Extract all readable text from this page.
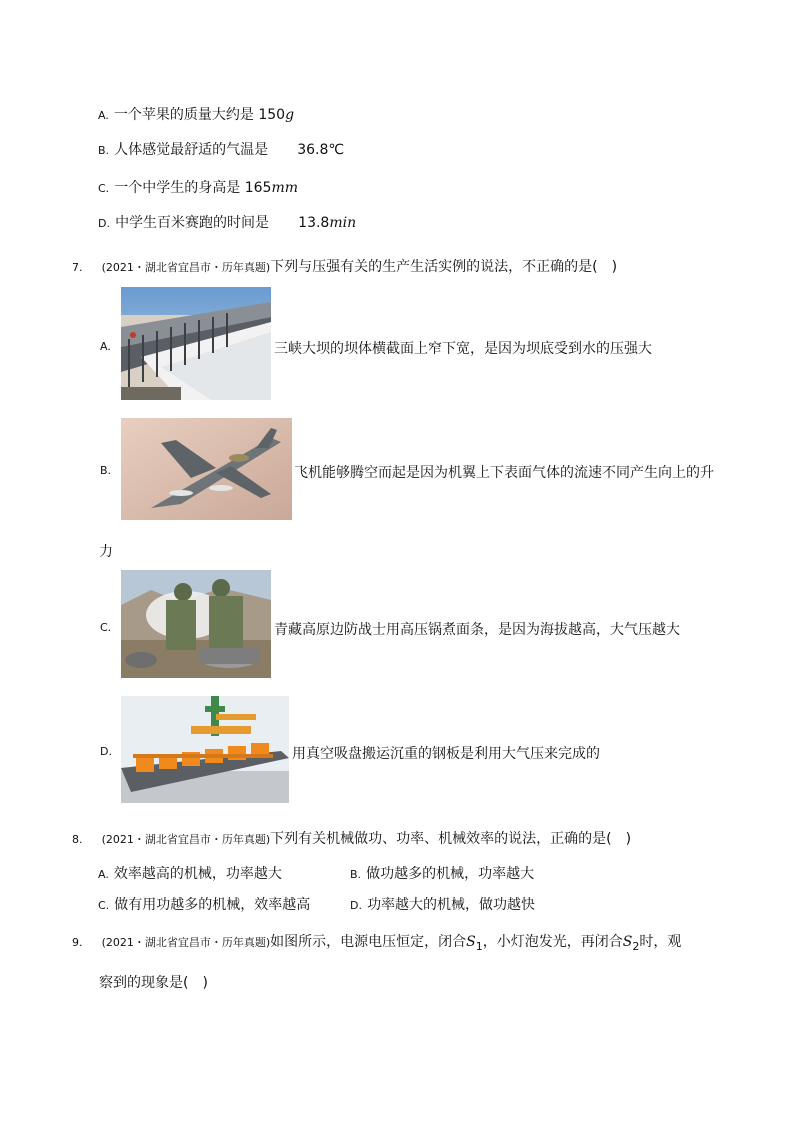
A. 一个苹果的质量大约是 150g
B. 人体感觉最舒适的气温是 36.8℃
C. 一个中学生的身高是 165mm
D. 中学生百米赛跑的时间是 13.8min
7. (2021・湖北省宜昌市・历年真题)下列与压强有关的生产生活实例的说法，不正确的是(　)
A.	三峡大坝的坝体横截面上窄下宽，是因为坝底受到水的压强大
B.	飞机能够腾空而起是因为机翼上下表面气体的流速不同产生向上的升
力
C.	青藏高原边防战士用高压锅煮面条，是因为海拔越高，大气压越大
D.	用真空吸盘搬运沉重的钢板是利用大气压来完成的
8. (2021・湖北省宜昌市・历年真题)下列有关机械做功、功率、机械效率的说法，正确的是(　)
A. 效率越高的机械，功率越大	B. 做功越多的机械，功率越大
C. 做有用功越多的机械，效率越高	D. 功率越大的机械，做功越快
9. (2021・湖北省宜昌市・历年真题)如图所示，电源电压恒定，闭合$S_1$，小灯泡发光，再闭合$S_2$时，观
察到的现象是(　)
